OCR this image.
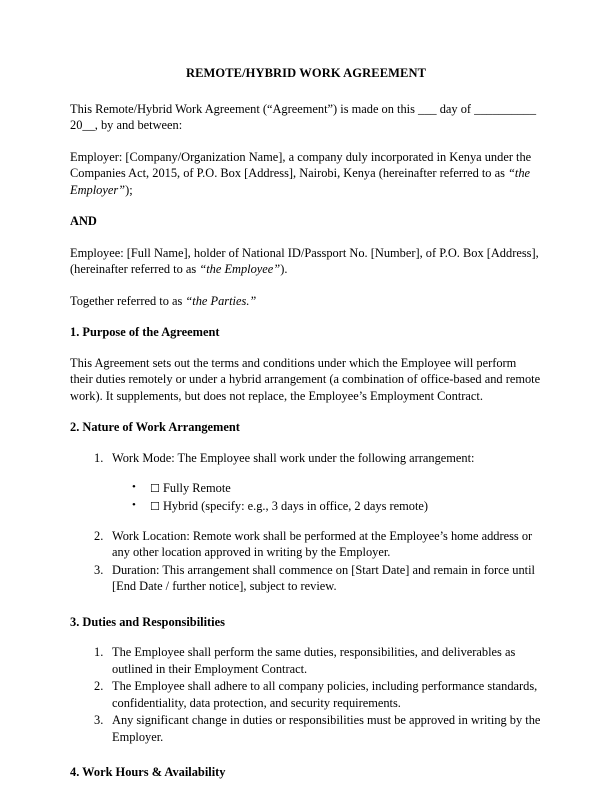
REMOTE/HYBRID WORK AGREEMENT

This Remote/Hybrid Work Agreement (“Agreement”) is made on this ___ day of __________ 20__, by and between:

Employer: [Company/Organization Name], a company duly incorporated in Kenya under the Companies Act, 2015, of P.O. Box [Address], Nairobi, Kenya (hereinafter referred to as “the Employer”);

AND

Employee: [Full Name], holder of National ID/Passport No. [Number], of P.O. Box [Address], (hereinafter referred to as “the Employee”).

Together referred to as “the Parties.”

1. Purpose of the Agreement

This Agreement sets out the terms and conditions under which the Employee will perform their duties remotely or under a hybrid arrangement (a combination of office-based and remote work). It supplements, but does not replace, the Employee’s Employment Contract.

2. Nature of Work Arrangement
1. Work Mode: The Employee shall work under the following arrangement:
• ☐ Fully Remote
• ☐ Hybrid (specify: e.g., 3 days in office, 2 days remote)
2. Work Location: Remote work shall be performed at the Employee’s home address or any other location approved in writing by the Employer.
3. Duration: This arrangement shall commence on [Start Date] and remain in force until [End Date / further notice], subject to review.
3. Duties and Responsibilities
1. The Employee shall perform the same duties, responsibilities, and deliverables as outlined in their Employment Contract.
2. The Employee shall adhere to all company policies, including performance standards, confidentiality, data protection, and security requirements.
3. Any significant change in duties or responsibilities must be approved in writing by the Employer.
4. Work Hours & Availability
